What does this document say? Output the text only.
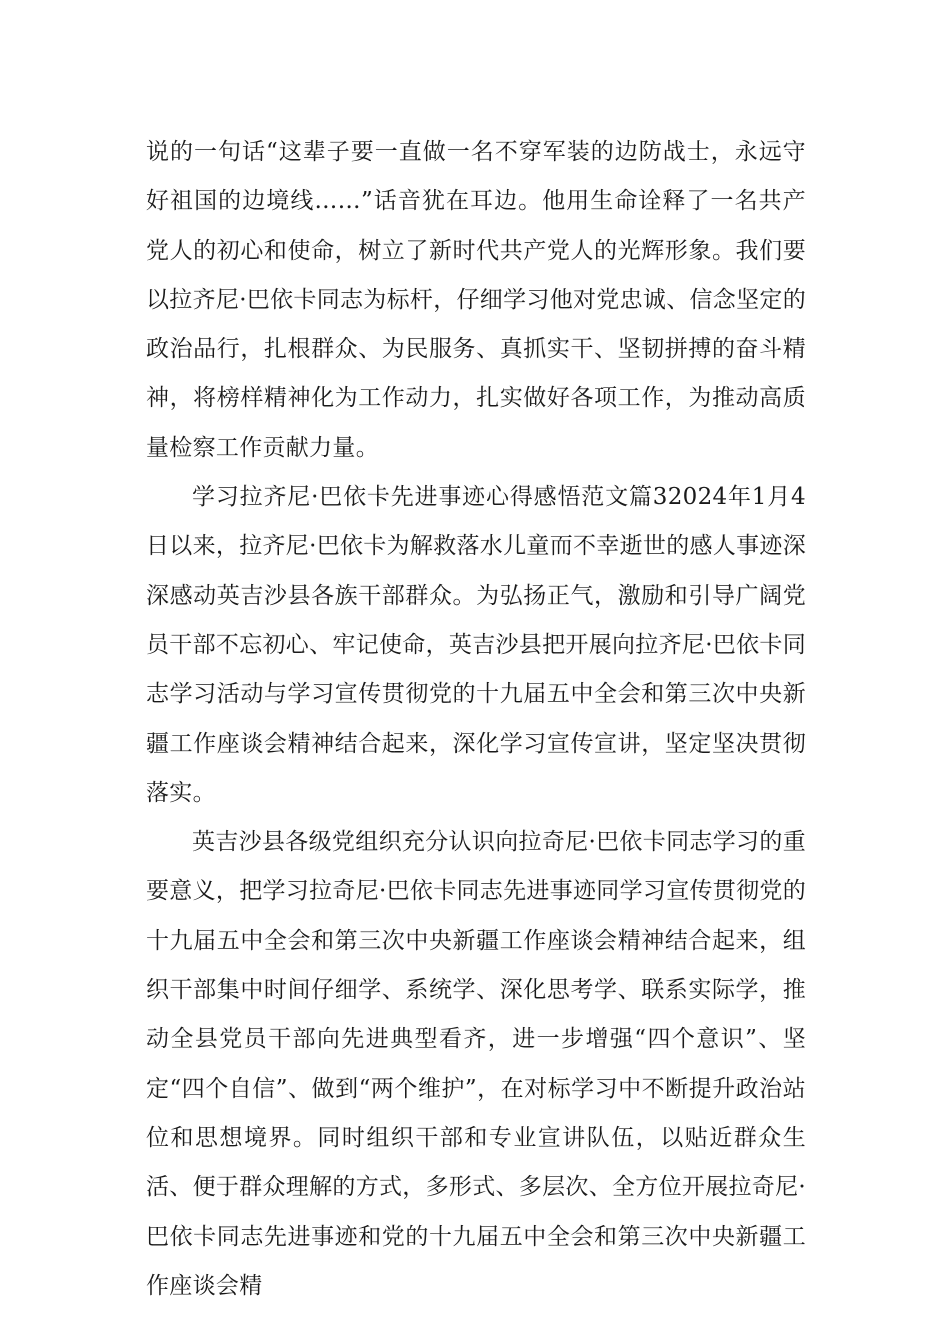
说的一句话“这辈子要一直做一名不穿军装的边防战士，永远守好祖国的边境线……”话音犹在耳边。他用生命诠释了一名共产党人的初心和使命，树立了新时代共产党人的光辉形象。我们要以拉齐尼·巴依卡同志为标杆，仔细学习他对党忠诚、信念坚定的政治品行，扎根群众、为民服务、真抓实干、坚韧拼搏的奋斗精神，将榜样精神化为工作动力，扎实做好各项工作，为推动高质量检察工作贡献力量。

学习拉齐尼·巴依卡先进事迹心得感悟范文篇32024年1月4日以来，拉齐尼·巴依卡为解救落水儿童而不幸逝世的感人事迹深深感动英吉沙县各族干部群众。为弘扬正气，激励和引导广阔党员干部不忘初心、牢记使命，英吉沙县把开展向拉齐尼·巴依卡同志学习活动与学习宣传贯彻党的十九届五中全会和第三次中央新疆工作座谈会精神结合起来，深化学习宣传宣讲，坚定坚决贯彻落实。

英吉沙县各级党组织充分认识向拉奇尼·巴依卡同志学习的重要意义，把学习拉奇尼·巴依卡同志先进事迹同学习宣传贯彻党的十九届五中全会和第三次中央新疆工作座谈会精神结合起来，组织干部集中时间仔细学、系统学、深化思考学、联系实际学，推动全县党员干部向先进典型看齐，进一步增强“四个意识”、坚定“四个自信”、做到“两个维护”，在对标学习中不断提升政治站位和思想境界。同时组织干部和专业宣讲队伍，以贴近群众生活、便于群众理解的方式，多形式、多层次、全方位开展拉奇尼·巴依卡同志先进事迹和党的十九届五中全会和第三次中央新疆工作座谈会精
